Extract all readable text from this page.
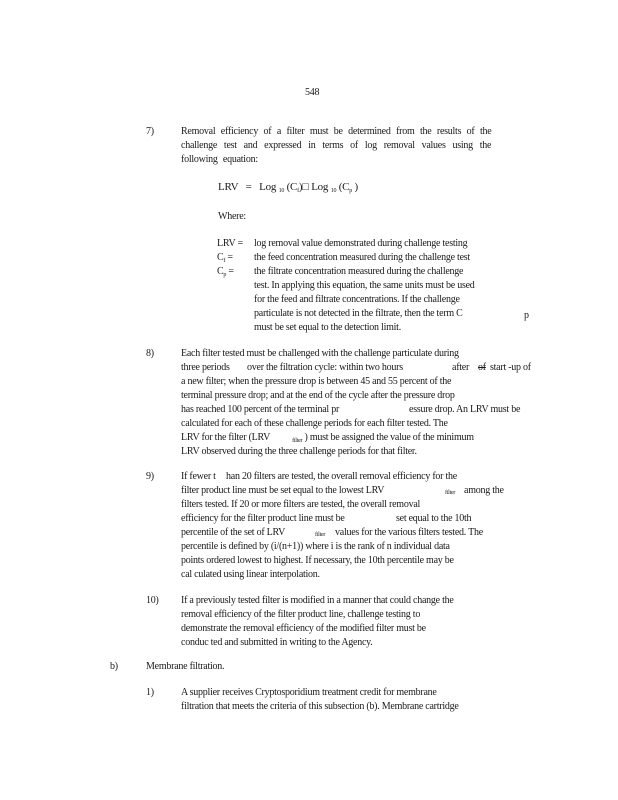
548
7)	Removal efficiency of a filter must be determined from the results of the
challenge test and expressed in terms of log removal values using the
following equation:
LRV = Log 10 (Cf)□ Log 10 (Cp )
Where:
LRV = log removal value demonstrated during challenge testing
$C_f$ = the feed concentration measured during the challenge test
$C_p$ = the filtrate concentration measured during the challenge
test. In applying this equation, the same units must be used
for the feed and filtrate concentrations. If the challenge
particulate is not detected in the filtrate, then the term C	p
must be set equal to the detection limit.
8)	Each filter tested must be challenged with the challenge particulate during
three periods over the filtration cycle: within two hours	after of start -up of
a new filter; when the pressure drop is between 45 and 55 percent of the
terminal pressure drop; and at the end of the cycle after the pressure drop
has reached 100 percent of the terminal pr	essure drop. An LRV must be
calculated for each of these challenge periods for each filter tested. The
LRV for the filter (LRV	$_{filter}$ ) must be assigned the value of the minimum
LRV observed during the three challenge periods for that filter.
9)	If fewer t han 20 filters are tested, the overall removal efficiency for the
filter product line must be set equal to the lowest LRV	filter among the
filters tested. If 20 or more filters are tested, the overall removal
efficiency for the filter product line must be	set equal to the 10th
percentile of the set of LRV	filter values for the various filters tested. The
percentile is defined by (i/(n+1)) where i is the rank of n individual data
points ordered lowest to highest. If necessary, the 10th percentile may be
cal culated using linear interpolation.
10) If a previously tested filter is modified in a manner that could change the
removal efficiency of the filter product line, challenge testing to
demonstrate the removal efficiency of the modified filter must be
conduc ted and submitted in writing to the Agency.
b)	Membrane filtration.
1)	A supplier receives Cryptosporidium treatment credit for membrane
filtration that meets the criteria of this subsection (b). Membrane cartridge
